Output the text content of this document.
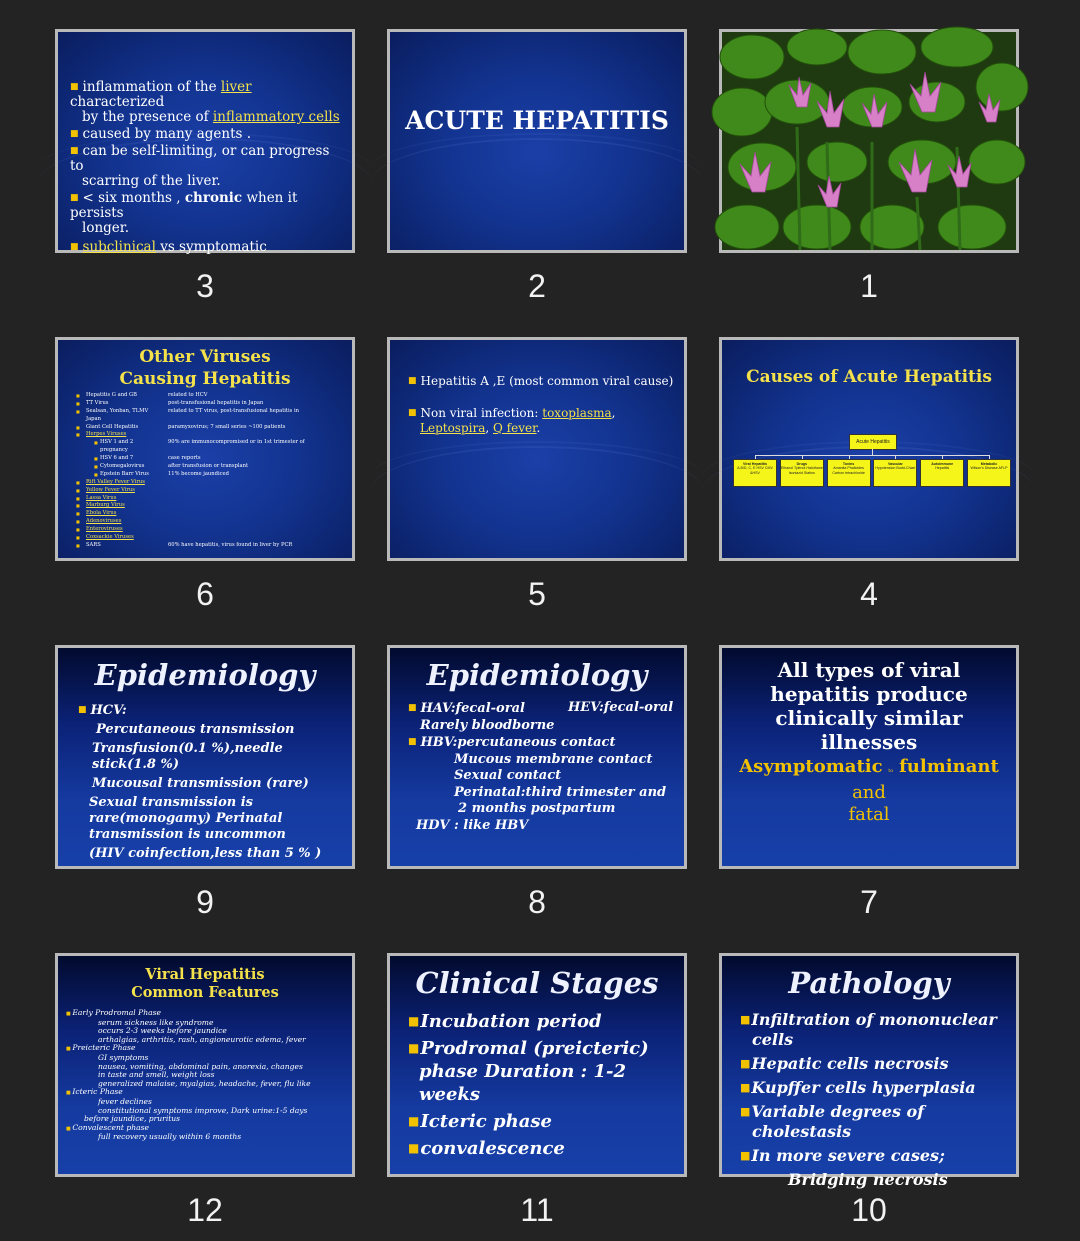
■ inflammation of the liver characterized
by the presence of inflammatory cells
■ caused by many agents .
■ can be self-limiting, or can progress to
scarring of the liver.
■ < six months , chronic when it persists
longer.
■ subclinical vs symptomatic
3
ACUTE HEPATITIS
2	1
Other Viruses Causing Hepatitis
■ Hepatitis G and GB	related to HCV
■ TT Virus	post-transfusional hepatitis in Japan
■ Sealsan, Yonban, TLMV	related to TT virus, post-transfusional hepatitis in
Japan
■ Giant Cell Hepatitis	paramyxovirus; 7 small series ~100 patients
■ Herpes Viruses
■ HSV 1 and 2	90% are immunocompromised or in 1st trimester of
pregnancy
■ HSV 6 and 7	case reports
■ Cytomegalovirus	after transfusion or transplant
■ Epstein Barr Virus	11% become jaundiced
■ Rift Valley Fever Virus
■ Yellow Fever Virus
■ Lassa Virus
■ Marburg Virus
■ Ebola Virus
■ Adenoviruses
■ Enteroviruses
■ Coxsackie Viruses
■ SARS	60% have hepatitis, virus found in liver by PCR
6
■ Hepatitis A ,E (most common viral cause)
■ Non viral infection: toxoplasma,
Leptospira, Q fever.
5
Causes of Acute Hepatitis
Acute Hepatitis
Viral Hepatitis
A,B/D, C, E HSV CMV &HSV
Drugs
Ethanol Tylenol Halothane Isoniazid Statins
Toxins
Amanita Phalloides Carbon tetrachloride
Vascular
Hypotension Budd-Chiari
Autoimmune
Hepatitis
Metabolic
Wilson's Disease AFLP
4
Epidemiology
■ HCV:
Percutaneous transmission
Transfusion(0.1 %),needle stick(1.8 %)
Mucousal transmission (rare)
Sexual transmission is rare(monogamy) Perinatal transmission is uncommon
(HIV coinfection,less than 5 % )
9
Epidemiology
■ HAV:fecal-oral	HEV:fecal-oral
Rarely bloodborne
■ HBV:percutaneous contact
Mucous membrane contact
Sexual contact
Perinatal:third trimester and
2 months postpartum
HDV : like HBV
8
All types of viral hepatitis produce clinically similar illnesses
Asymptomatic to fulminant and
fatal
7
Viral Hepatitis
Common Features
■ Early Prodromal Phase
serum sickness like syndrome
occurs 2-3 weeks before jaundice
arthalgias, arthritis, rash, angioneurotic edema, fever
■ Preicteric Phase
GI symptoms
nausea, vomiting, abdominal pain, anorexia, changes
in taste and smell, weight loss
generalized malaise, myalgias, headache, fever, flu like
■ Icteric Phase
fever declines
constitutional symptoms improve, Dark urine:1-5 days
before jaundice, pruritus
■ Convalescent phase
full recovery usually within 6 months
12
Clinical Stages
■Incubation period
■Prodromal (preicteric)
phase Duration : 1-2 weeks
■Icteric phase
■convalescence
11
Pathology
■Infiltration of mononuclear
cells
■Hepatic cells necrosis
■Kupffer cells hyperplasia
■Variable degrees of
cholestasis
■In more severe cases;
Bridging necrosis
10
